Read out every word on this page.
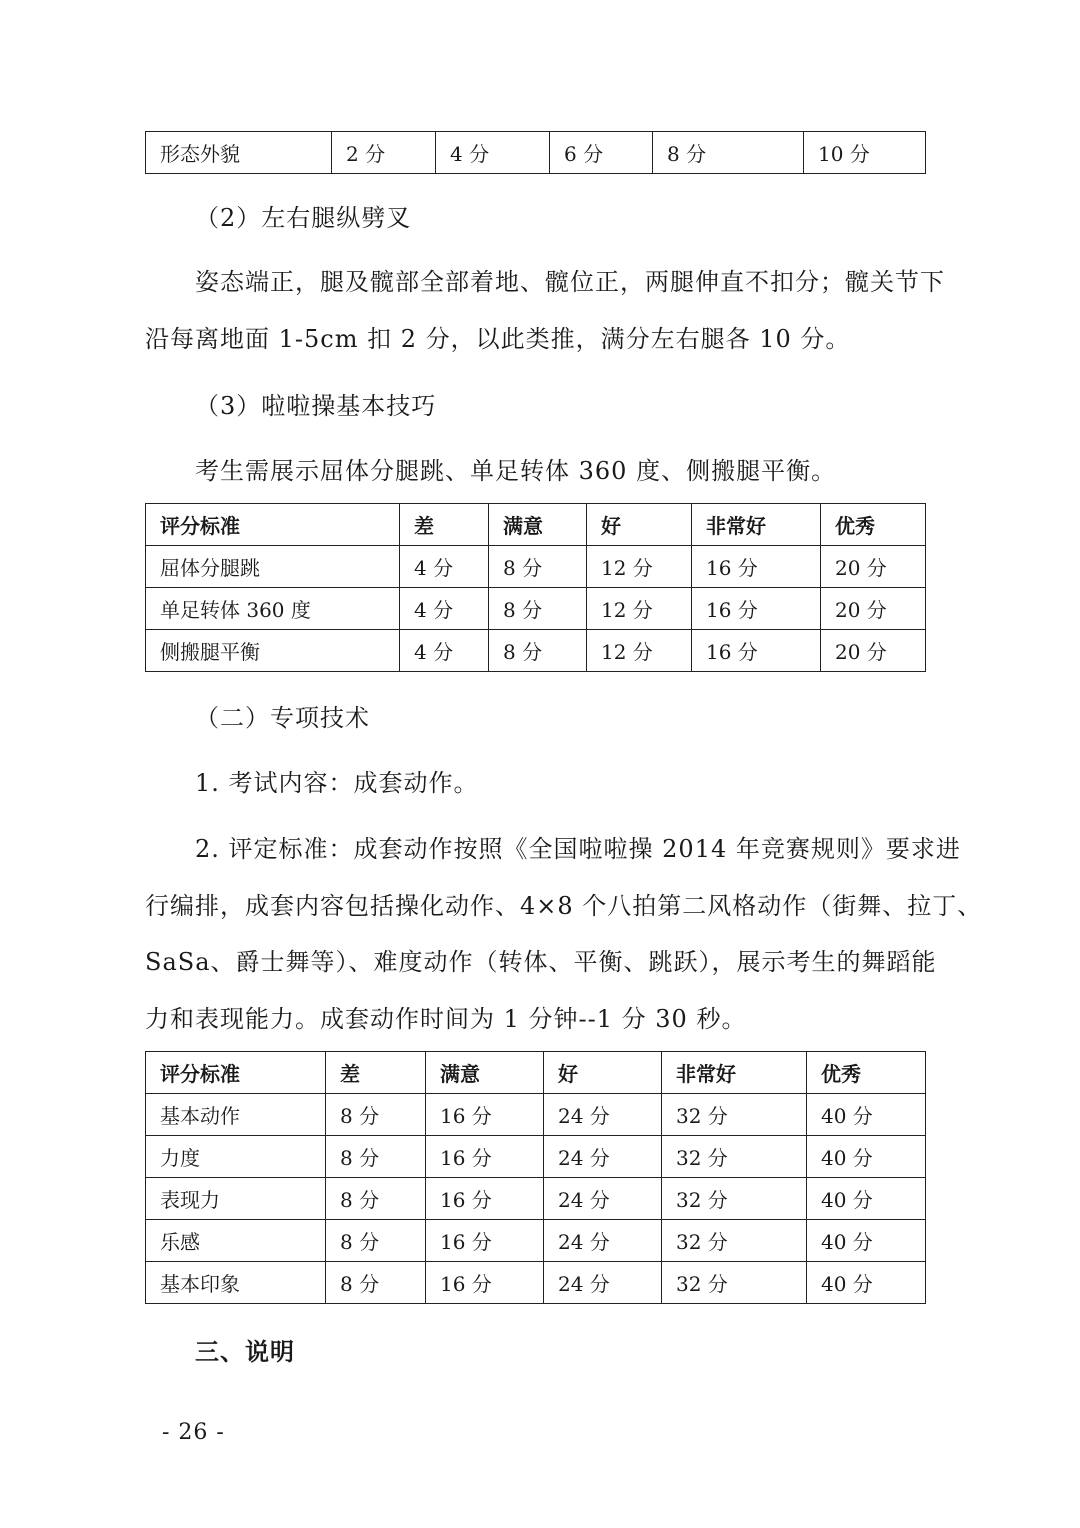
形态外貌	2 分	4 分	6 分	8 分	10 分

（2）左右腿纵劈叉

姿态端正，腿及髋部全部着地、髋位正，两腿伸直不扣分；髋关节下

沿每离地面 1-5cm 扣 2 分，以此类推，满分左右腿各 10 分。

（3）啦啦操基本技巧

考生需展示屈体分腿跳、单足转体 360 度、侧搬腿平衡。

评分标准	差	满意	好	非常好	优秀
屈体分腿跳	4 分	8 分	12 分	16 分	20 分
单足转体 360 度	4 分	8 分	12 分	16 分	20 分
侧搬腿平衡	4 分	8 分	12 分	16 分	20 分

（二）专项技术

1. 考试内容：成套动作。

2. 评定标准：成套动作按照《全国啦啦操 2014 年竞赛规则》要求进

行编排，成套内容包括操化动作、4×8 个八拍第二风格动作（街舞、拉丁、

SaSa、爵士舞等）、难度动作（转体、平衡、跳跃），展示考生的舞蹈能

力和表现能力。成套动作时间为 1 分钟--1 分 30 秒。

评分标准	差	满意	好	非常好	优秀
基本动作	8 分	16 分	24 分	32 分	40 分
力度	8 分	16 分	24 分	32 分	40 分
表现力	8 分	16 分	24 分	32 分	40 分
乐感	8 分	16 分	24 分	32 分	40 分
基本印象	8 分	16 分	24 分	32 分	40 分

三、说明

- 26 -
